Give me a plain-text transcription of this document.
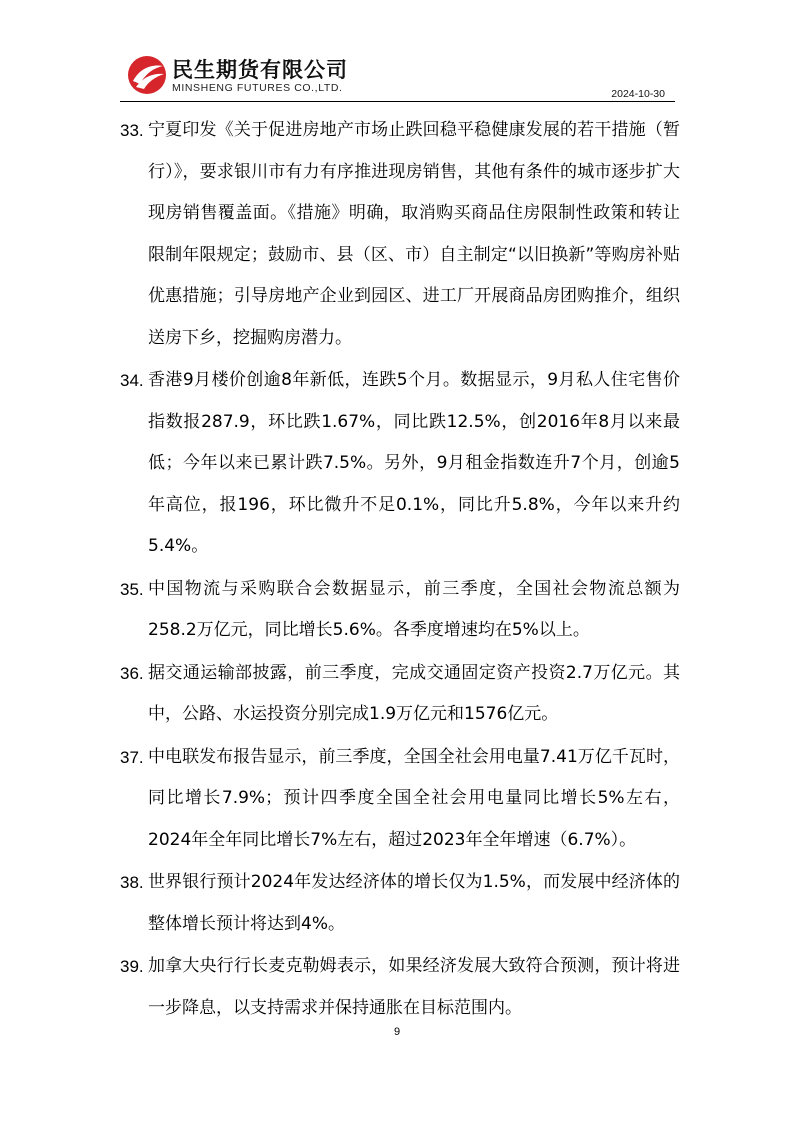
民生期货有限公司
MINSHENG FUTURES CO.,LTD.	2024-10-30
33. 宁夏印发《关于促进房地产市场止跌回稳平稳健康发展的若干措施（暂行）》，要求银川市有力有序推进现房销售，其他有条件的城市逐步扩大现房销售覆盖面。《措施》明确，取消购买商品住房限制性政策和转让限制年限规定；鼓励市、县（区、市）自主制定“以旧换新”等购房补贴优惠措施；引导房地产企业到园区、进工厂开展商品房团购推介，组织送房下乡，挖掘购房潜力。
34. 香港9月楼价创逾8年新低，连跌5个月。数据显示，9月私人住宅售价指数报287.9，环比跌1.67%，同比跌12.5%，创2016年8月以来最低；今年以来已累计跌7.5%。另外，9月租金指数连升7个月，创逾5年高位，报196，环比微升不足0.1%，同比升5.8%，今年以来升约5.4%。
35. 中国物流与采购联合会数据显示，前三季度，全国社会物流总额为258.2万亿元，同比增长5.6%。各季度增速均在5%以上。
36. 据交通运输部披露，前三季度，完成交通固定资产投资2.7万亿元。其中，公路、水运投资分别完成1.9万亿元和1576亿元。
37. 中电联发布报告显示，前三季度，全国全社会用电量7.41万亿千瓦时，同比增长7.9%；预计四季度全国全社会用电量同比增长5%左右，2024年全年同比增长7%左右，超过2023年全年增速（6.7%）。
38. 世界银行预计2024年发达经济体的增长仅为1.5%，而发展中经济体的整体增长预计将达到4%。
39. 加拿大央行行长麦克勒姆表示，如果经济发展大致符合预测，预计将进一步降息，以支持需求并保持通胀在目标范围内。
9
